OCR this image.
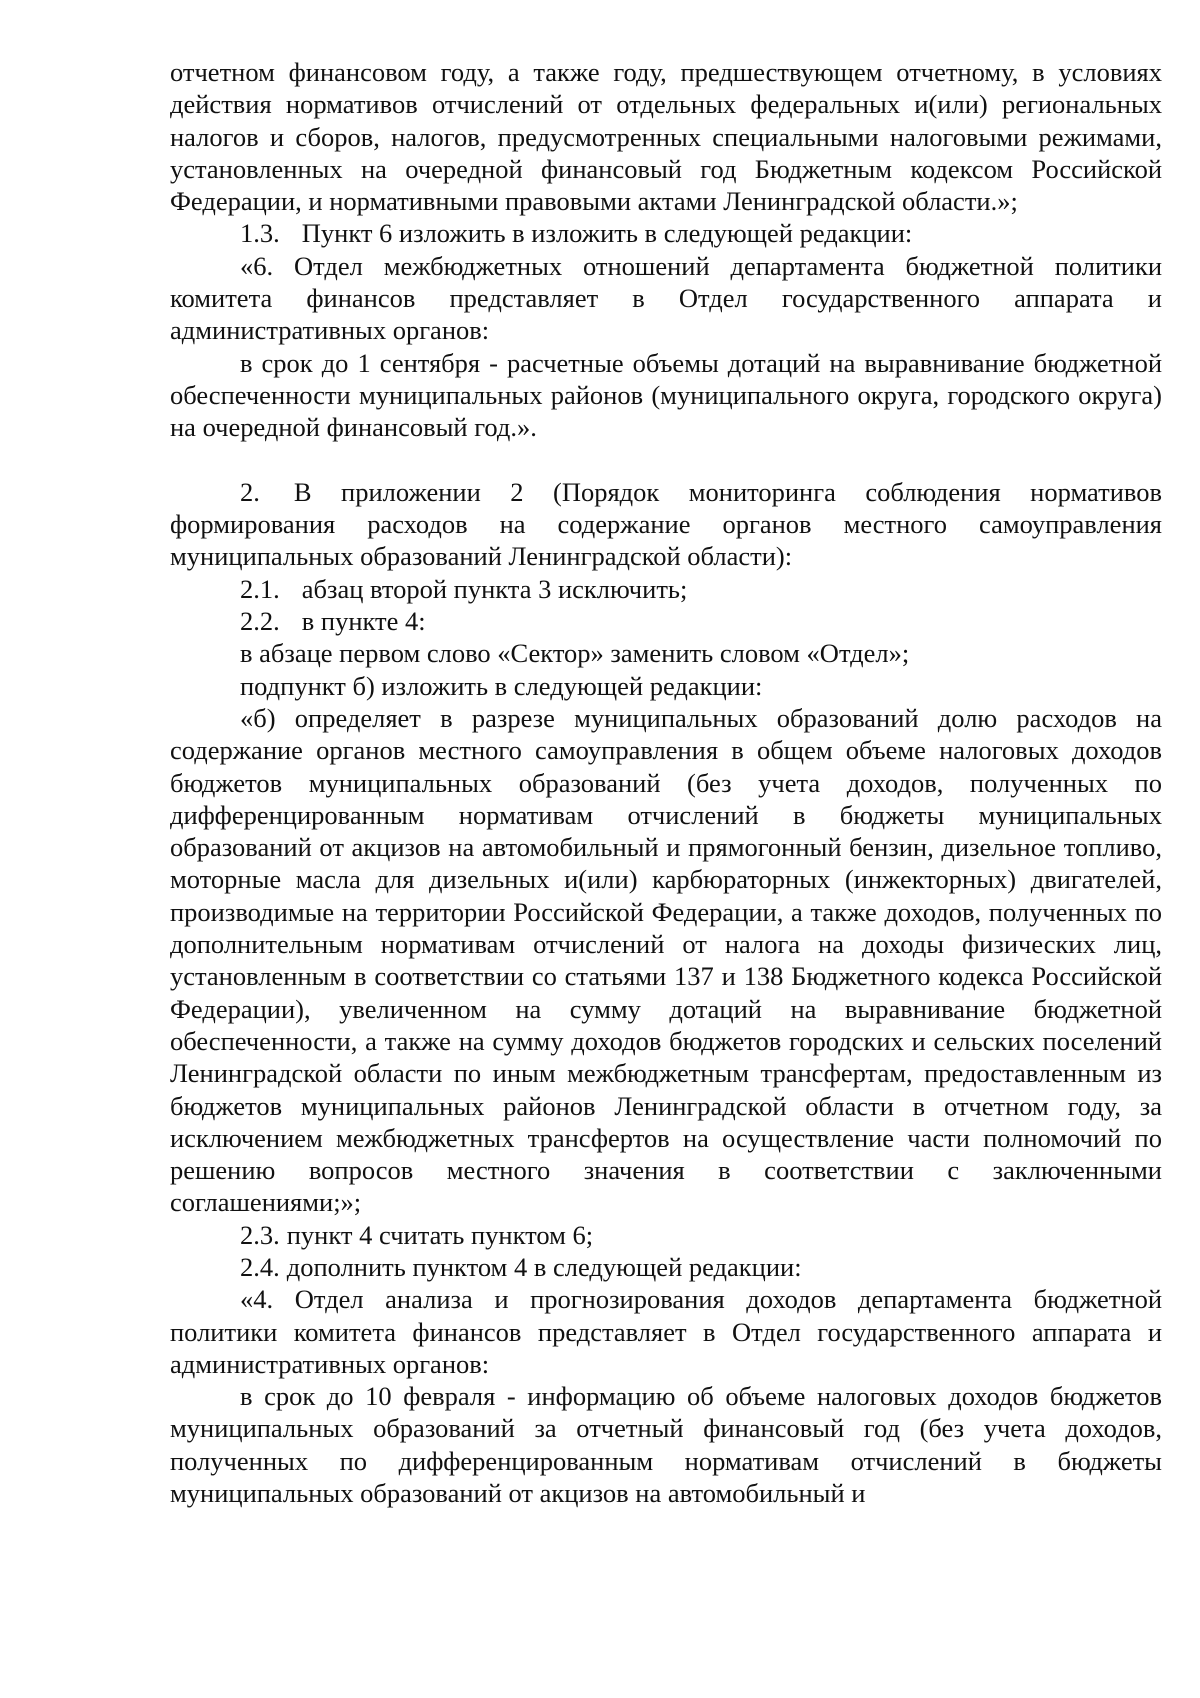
отчетном финансовом году, а также году, предшествующем отчетному, в условиях действия нормативов отчислений от отдельных федеральных и(или) региональных налогов и сборов, налогов, предусмотренных специальными налоговыми режимами, установленных на очередной финансовый год Бюджетным кодексом Российской Федерации, и нормативными правовыми актами Ленинградской области.»;

1.3. Пункт 6 изложить в изложить в следующей редакции:

«6. Отдел межбюджетных отношений департамента бюджетной политики комитета финансов представляет в Отдел государственного аппарата и административных органов:

в срок до 1 сентября - расчетные объемы дотаций на выравнивание бюджетной обеспеченности муниципальных районов (муниципального округа, городского округа) на очередной финансовый год.».

2. В приложении 2 (Порядок мониторинга соблюдения нормативов формирования расходов на содержание органов местного самоуправления муниципальных образований Ленинградской области):

2.1. абзац второй пункта 3 исключить;

2.2. в пункте 4:

в абзаце первом слово «Сектор» заменить словом «Отдел»;

подпункт б) изложить в следующей редакции:

«б) определяет в разрезе муниципальных образований долю расходов на содержание органов местного самоуправления в общем объеме налоговых доходов бюджетов муниципальных образований (без учета доходов, полученных по дифференцированным нормативам отчислений в бюджеты муниципальных образований от акцизов на автомобильный и прямогонный бензин, дизельное топливо, моторные масла для дизельных и(или) карбюраторных (инжекторных) двигателей, производимые на территории Российской Федерации, а также доходов, полученных по дополнительным нормативам отчислений от налога на доходы физических лиц, установленным в соответствии со статьями 137 и 138 Бюджетного кодекса Российской Федерации), увеличенном на сумму дотаций на выравнивание бюджетной обеспеченности, а также на сумму доходов бюджетов городских и сельских поселений Ленинградской области по иным межбюджетным трансфертам, предоставленным из бюджетов муниципальных районов Ленинградской области в отчетном году, за исключением межбюджетных трансфертов на осуществление части полномочий по решению вопросов местного значения в соответствии с заключенными соглашениями;»;

2.3. пункт 4 считать пунктом 6;

2.4. дополнить пунктом 4 в следующей редакции:

«4. Отдел анализа и прогнозирования доходов департамента бюджетной политики комитета финансов представляет в Отдел государственного аппарата и административных органов:

в срок до 10 февраля - информацию об объеме налоговых доходов бюджетов муниципальных образований за отчетный финансовый год (без учета доходов, полученных по дифференцированным нормативам отчислений в бюджеты муниципальных образований от акцизов на автомобильный и
